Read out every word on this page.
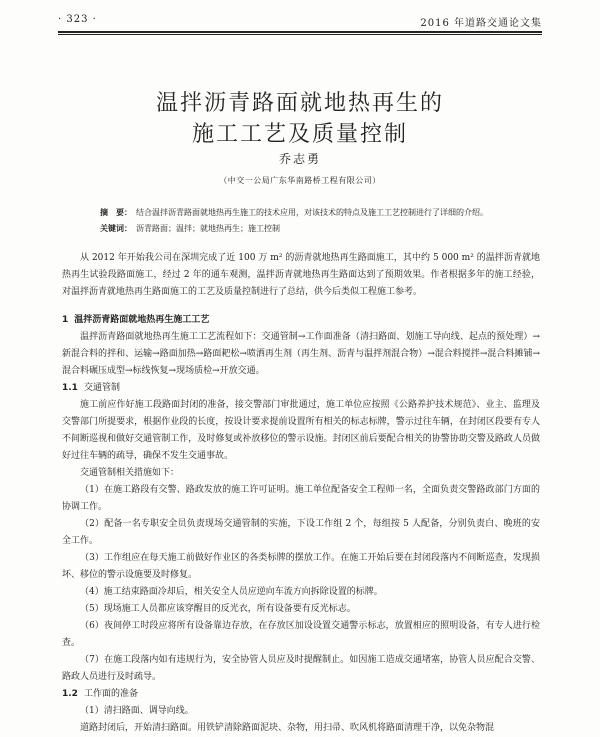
· 323 ·	2016 年道路交通论文集
温拌沥青路面就地热再生的
施工工艺及质量控制
乔志勇
（中交一公局广东华南路桥工程有限公司）
摘　要： 结合温拌沥青路面就地热再生施工的技术应用，对该技术的特点及施工工艺控制进行了详细的介绍。
关键词： 沥青路面；温拌；就地热再生；施工控制

从 2012 年开始我公司在深圳完成了近 100 万 m² 的沥青就地热再生路面施工，其中约 5 000 m² 的温拌沥青就地热再生试验段路面施工，经过 2 年的通车观测，温拌沥青就地热再生路面达到了预期效果。作者根据多年的施工经验，对温拌沥青就地热再生路面施工的工艺及质量控制进行了总结，供今后类似工程施工参考。

1 温拌沥青路面就地热再生施工工艺

温拌沥青路面就地热再生施工工艺流程如下：交通管制→工作面准备（清扫路面、划施工导向线、起点的预处理）→新混合料的拌和、运输→路面加热→路面耙松→喷洒再生剂（再生剂、沥青与温拌剂混合物）→混合料搅拌→混合料摊铺→混合料碾压成型→标线恢复→现场质检→开放交通。

1.1 交通管制

施工前应作好施工段路面封闭的准备，接交警部门审批通过，施工单位应按照《公路养护技术规范》、业主、监理及交警部门所提要求，根据作业段的长度，按设计要求提前设置所有相关的标志标牌，警示过往车辆，在封闭区段要有专人不间断巡视和做好交通管制工作，及时修复或补放移位的警示设施。封闭区前后要配合相关的协警协助交警及路政人员做好过往车辆的疏导，确保不发生交通事故。

交通管制相关措施如下：

（1）在施工路段有交警、路政发放的施工许可证明。施工单位配备安全工程师一名，全面负责交警路政部门方面的协调工作。

（2）配备一名专职安全员负责现场交通管制的实施，下设工作组 2 个，每组按 5 人配备，分别负责白、晚班的安全工作。

（3）工作组应在每天施工前做好作业区的各类标牌的摆放工作。在施工开始后要在封闭段落内不间断巡查，发现损坏、移位的警示设施要及时修复。

（4）施工结束路面冷却后，相关安全人员应逆向车流方向拆除设置的标牌。

（5）现场施工人员都应该穿醒目的反光衣，所有设备要有反光标志。

（6）夜间停工时段应将所有设备靠边存放，在存放区加设设置交通警示标志，放置相应的照明设备，有专人进行检查。

（7）在施工段落内如有违规行为，安全协管人员应及时提醒制止。如因施工造成交通堵塞，协管人员应配合交警、路政人员进行及时疏导。

1.2 工作面的准备

（1）清扫路面、调导向线。

道路封闭后，开始清扫路面。用铁铲清除路面泥块、杂物，用扫帚、吹风机将路面清理干净，以免杂物混
